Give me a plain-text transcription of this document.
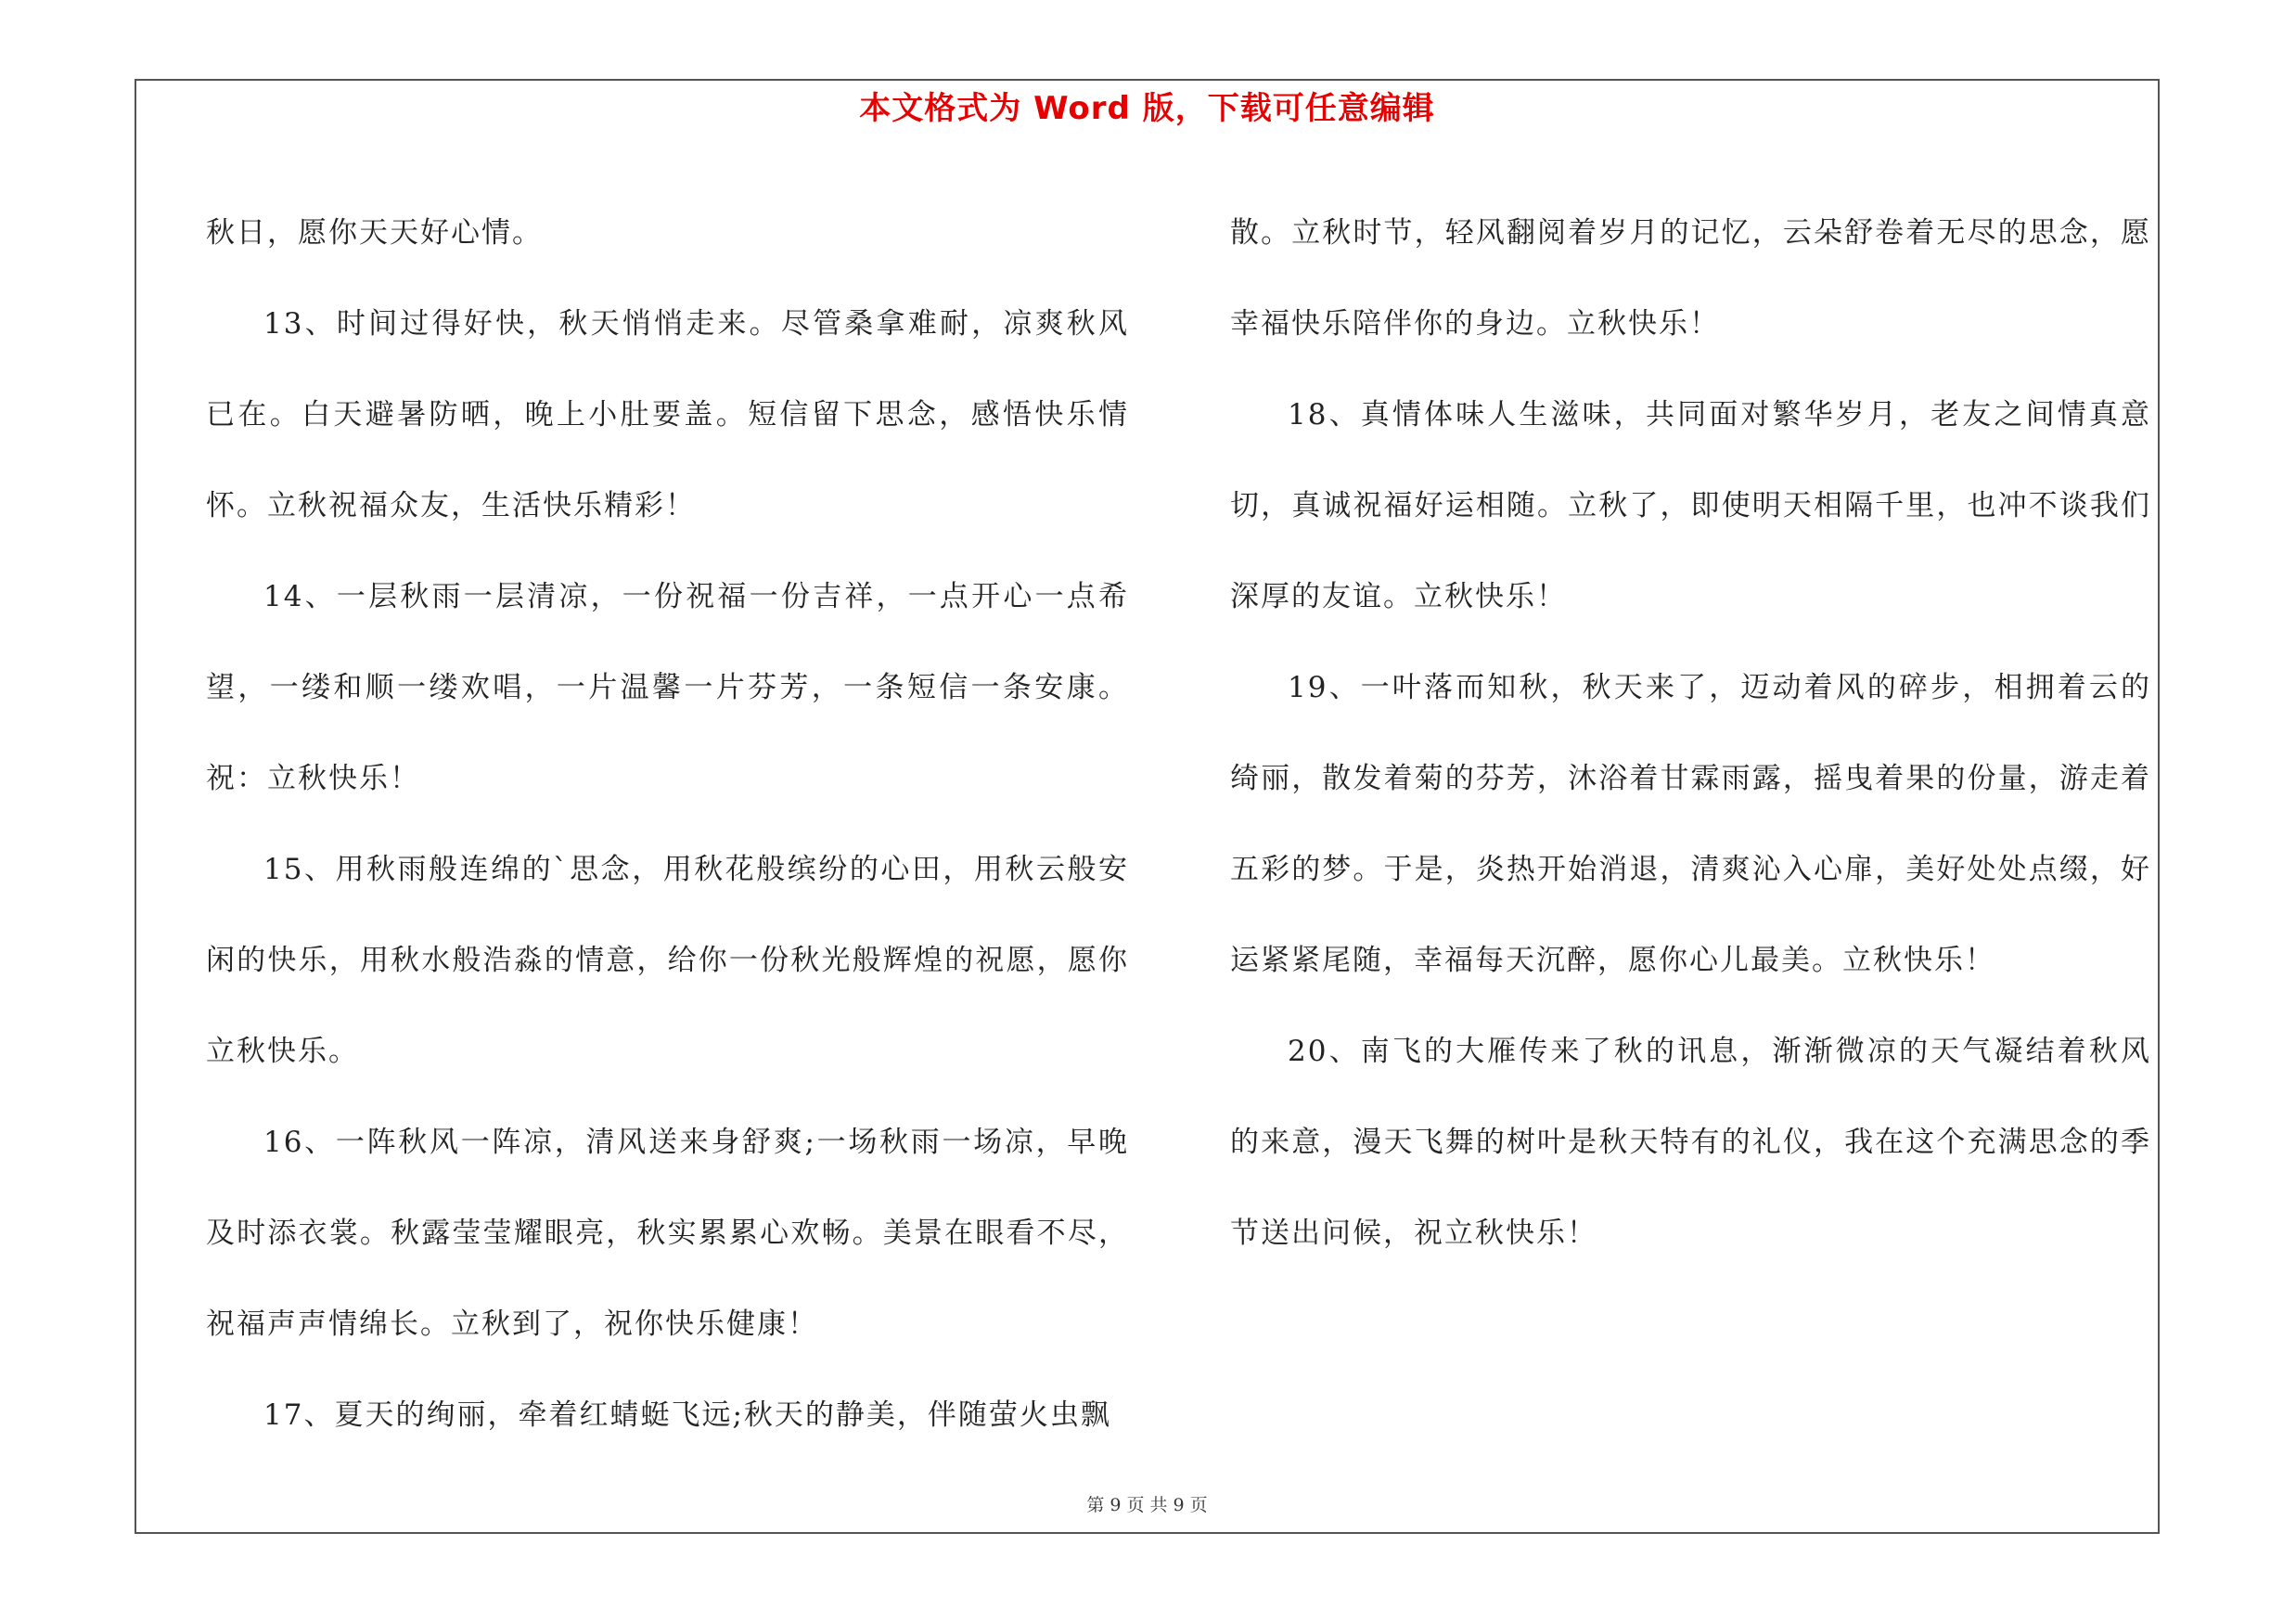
本文格式为 Word 版，下载可任意编辑

秋日，愿你天天好心情。

13、时间过得好快，秋天悄悄走来。尽管桑拿难耐，凉爽秋风已在。白天避暑防晒，晚上小肚要盖。短信留下思念，感悟快乐情怀。立秋祝福众友，生活快乐精彩！

14、一层秋雨一层清凉，一份祝福一份吉祥，一点开心一点希望，一缕和顺一缕欢唱，一片温馨一片芬芳，一条短信一条安康。祝：立秋快乐！

15、用秋雨般连绵的`思念，用秋花般缤纷的心田，用秋云般安闲的快乐，用秋水般浩淼的情意，给你一份秋光般辉煌的祝愿，愿你立秋快乐。

16、一阵秋风一阵凉，清风送来身舒爽;一场秋雨一场凉，早晚及时添衣裳。秋露莹莹耀眼亮，秋实累累心欢畅。美景在眼看不尽，祝福声声情绵长。立秋到了，祝你快乐健康！

17、夏天的绚丽，牵着红蜻蜓飞远;秋天的静美，伴随萤火虫飘

散。立秋时节，轻风翻阅着岁月的记忆，云朵舒卷着无尽的思念，愿幸福快乐陪伴你的身边。立秋快乐！

18、真情体味人生滋味，共同面对繁华岁月，老友之间情真意切，真诚祝福好运相随。立秋了，即使明天相隔千里，也冲不谈我们深厚的友谊。立秋快乐！

19、一叶落而知秋，秋天来了，迈动着风的碎步，相拥着云的绮丽，散发着菊的芬芳，沐浴着甘霖雨露，摇曳着果的份量，游走着五彩的梦。于是，炎热开始消退，清爽沁入心扉，美好处处点缀，好运紧紧尾随，幸福每天沉醉，愿你心儿最美。立秋快乐！

20、南飞的大雁传来了秋的讯息，渐渐微凉的天气凝结着秋风的来意，漫天飞舞的树叶是秋天特有的礼仪，我在这个充满思念的季节送出问候，祝立秋快乐！

第 9 页 共 9 页
